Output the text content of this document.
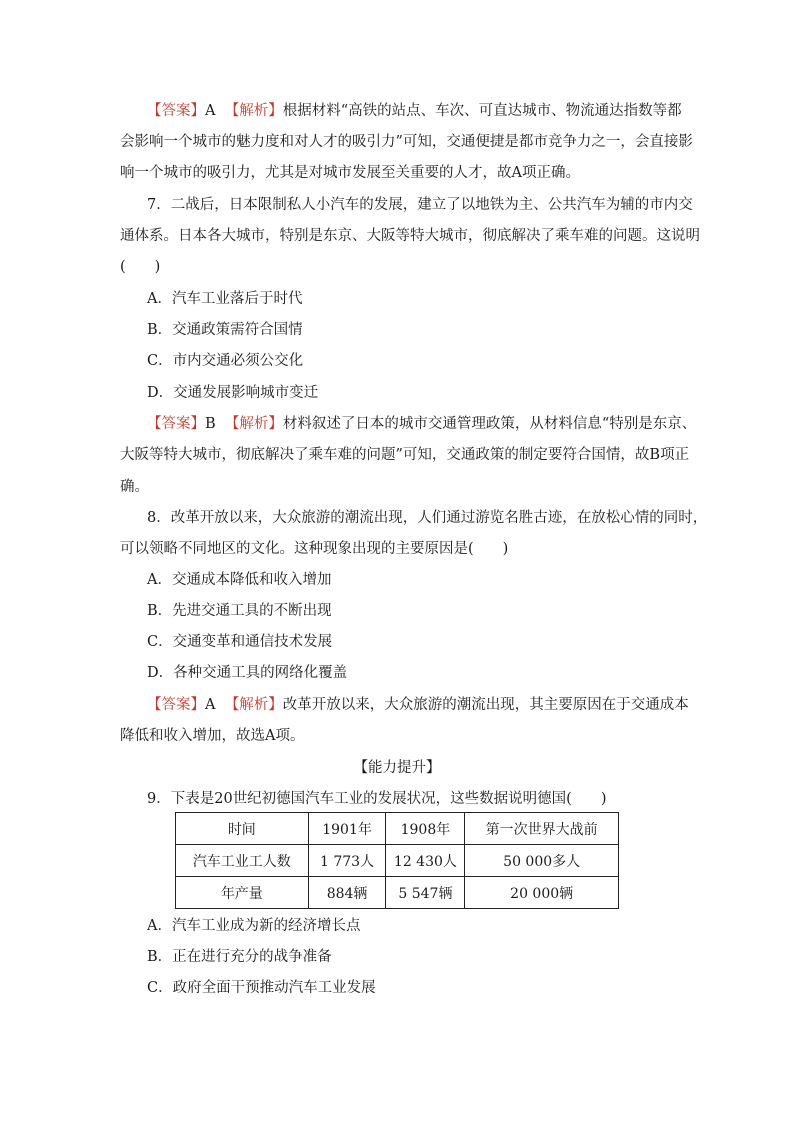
【答案】A 【解析】根据材料“高铁的站点、车次、可直达城市、物流通达指数等都
会影响一个城市的魅力度和对人才的吸引力”可知，交通便捷是都市竞争力之一，会直接影
响一个城市的吸引力，尤其是对城市发展至关重要的人才，故A项正确。
7．二战后，日本限制私人小汽车的发展，建立了以地铁为主、公共汽车为辅的市内交
通体系。日本各大城市，特别是东京、大阪等特大城市，彻底解决了乘车难的问题。这说明
(　　)
A．汽车工业落后于时代
B．交通政策需符合国情
C．市内交通必须公交化
D．交通发展影响城市变迁
【答案】B 【解析】材料叙述了日本的城市交通管理政策，从材料信息“特别是东京、
大阪等特大城市，彻底解决了乘车难的问题”可知，交通政策的制定要符合国情，故B项正
确。
8．改革开放以来，大众旅游的潮流出现，人们通过游览名胜古迹，在放松心情的同时，
可以领略不同地区的文化。这种现象出现的主要原因是(　　)
A．交通成本降低和收入增加
B．先进交通工具的不断出现
C．交通变革和通信技术发展
D．各种交通工具的网络化覆盖
【答案】A 【解析】改革开放以来，大众旅游的潮流出现，其主要原因在于交通成本
降低和收入增加，故选A项。
【能力提升】
9．下表是20世纪初德国汽车工业的发展状况，这些数据说明德国(　　)
时间	1901年	1908年	第一次世界大战前
汽车工业工人数	1 773人	12 430人	50 000多人
年产量	884辆	5 547辆	20 000辆
A．汽车工业成为新的经济增长点
B．正在进行充分的战争准备
C．政府全面干预推动汽车工业发展
